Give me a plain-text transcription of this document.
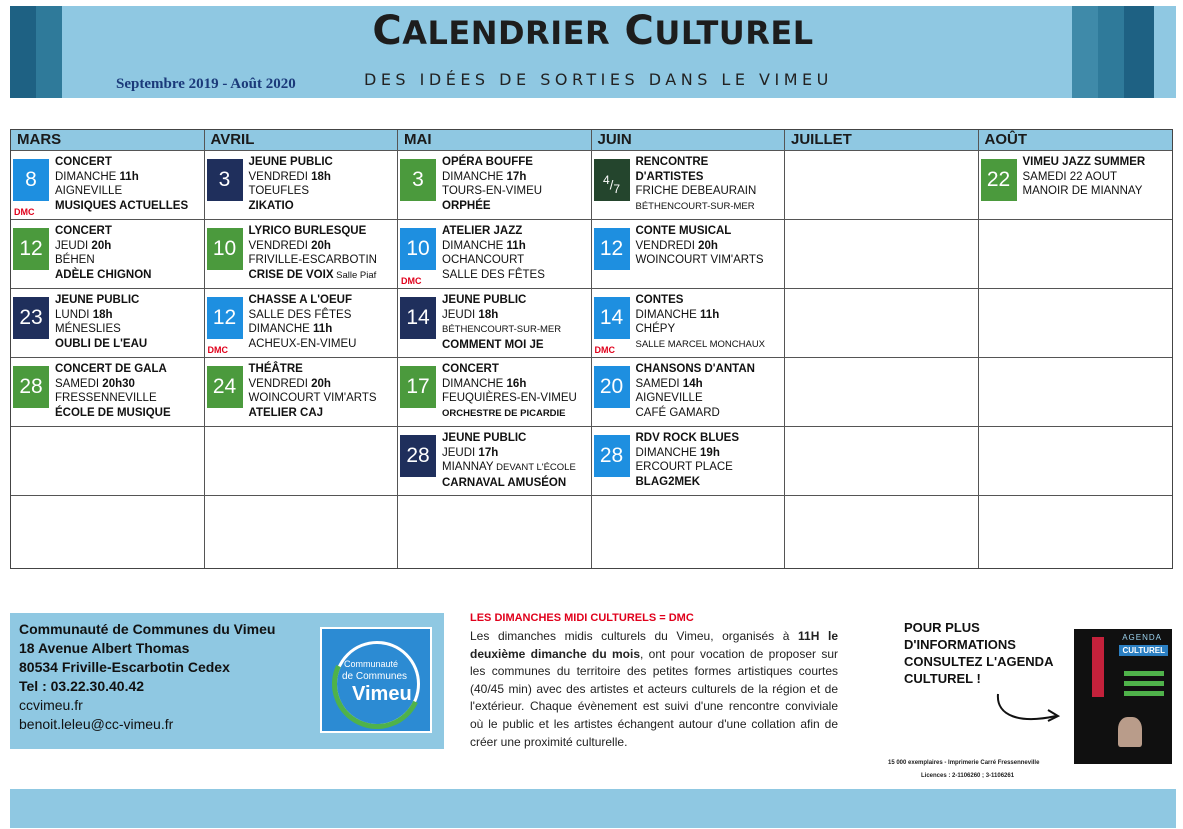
CALENDRIER CULTUREL
Septembre 2019 - Août 2020	DES IDÉES DE SORTIES DANS LE VIMEU
MARS
8
DMC
CONCERT
DIMANCHE 11h
AIGNEVILLE
MUSIQUES ACTUELLES
12
CONCERT
JEUDI 20h
BÉHEN
ADÈLE CHIGNON
23
JEUNE PUBLIC
LUNDI 18h
MÉNESLIES
OUBLI DE L'EAU
28
CONCERT DE GALA
SAMEDI 20h30
FRESSENNEVILLE
ÉCOLE DE MUSIQUE
AVRIL
3
JEUNE PUBLIC
VENDREDI 18h
TOEUFLES
ZIKATIO
10
LYRICO BURLESQUE
VENDREDI 20h
FRIVILLE-ESCARBOTIN
CRISE DE VOIX Salle Piaf
12
DMC
CHASSE A L'OEUF
SALLE DES FÊTES
DIMANCHE 11h
ACHEUX-EN-VIMEU
24
THÉÂTRE
VENDREDI 20h
WOINCOURT VIM'ARTS
ATELIER CAJ
MAI
3
OPÉRA BOUFFE
DIMANCHE 17h
TOURS-EN-VIMEU
ORPHÉE
10
DMC
ATELIER JAZZ
DIMANCHE 11h
OCHANCOURT
SALLE DES FÊTES
14
JEUNE PUBLIC
JEUDI 18h
BÉTHENCOURT-SUR-MER
COMMENT MOI JE
17
CONCERT
DIMANCHE 16h
FEUQUIÈRES-EN-VIMEU
ORCHESTRE DE PICARDIE
28
JEUNE PUBLIC
JEUDI 17h
MIANNAY DEVANT L'ÉCOLE
CARNAVAL AMUSÉON
JUIN
$^4/_7$
RENCONTRE
D'ARTISTES
FRICHE DEBEAURAIN
BÉTHENCOURT-SUR-MER
12
CONTE MUSICAL
VENDREDI 20h
WOINCOURT VIM'ARTS
14
DMC
CONTES
DIMANCHE 11h
CHÉPY
SALLE MARCEL MONCHAUX
20
CHANSONS D'ANTAN
SAMEDI 14h
AIGNEVILLE
CAFÉ GAMARD
28
RDV ROCK BLUES
DIMANCHE 19h
ERCOURT PLACE
BLAG2MEK
JUILLET	AOÛT
22
VIMEU JAZZ SUMMER
SAMEDI 22 AOUT
MANOIR DE MIANNAY
Communauté de Communes du Vimeu
18 Avenue Albert Thomas
80534 Friville-Escarbotin Cedex
Tel : 03.22.30.40.42
ccvimeu.fr
benoit.leleu@cc-vimeu.fr
Communauté
de Communes
Vimeu
LES DIMANCHES MIDI CULTURELS = DMC
Les dimanches midis culturels du Vimeu, organisés à 11H le deuxième dimanche du mois, ont pour vocation de proposer sur les communes du territoire des petites formes artistiques courtes (40/45 min) avec des artistes et acteurs culturels de la région et de l'extérieur. Chaque évènement est suivi d'une rencontre conviviale où le public et les artistes échangent autour d'une collation afin de créer une proximité culturelle.
POUR PLUS
D'INFORMATIONS
CONSULTEZ L'AGENDA
CULTUREL !
AGENDA
CULTUREL
15 000 exemplaires - Imprimerie Carré Fressenneville
Licences : 2-1106260 ; 3-1106261
